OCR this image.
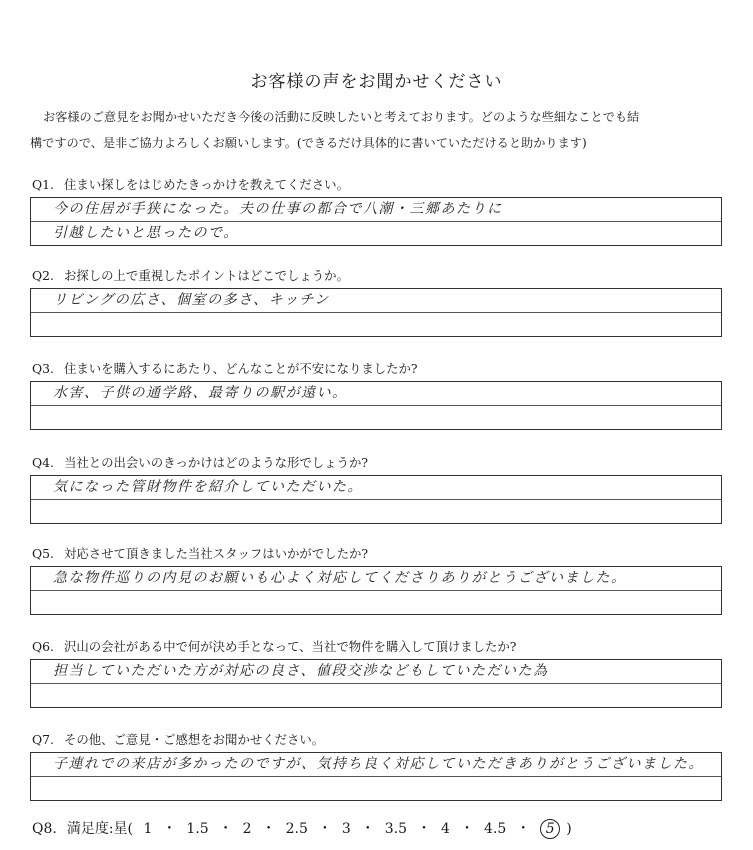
お客様の声をお聞かせください

お客様のご意見をお聞かせいただき今後の活動に反映したいと考えております。どのような些細なことでも結

構ですので、是非ご協力よろしくお願いします。(できるだけ具体的に書いていただけると助かります)

Q1. 住まい探しをはじめたきっかけを教えてください。
今の住居が手狭になった。夫の仕事の都合で八潮・三郷あたりに
引越したいと思ったので。
Q2. お探しの上で重視したポイントはどこでしょうか。
リビングの広さ、個室の多さ、キッチン
Q3. 住まいを購入するにあたり、どんなことが不安になりましたか?
水害、子供の通学路、最寄りの駅が遠い。
Q4. 当社との出会いのきっかけはどのような形でしょうか?
気になった管財物件を紹介していただいた。
Q5. 対応させて頂きました当社スタッフはいかがでしたか?
急な物件巡りの内見のお願いも心よく対応してくださりありがとうございました。
Q6. 沢山の会社がある中で何が決め手となって、当社で物件を購入して頂けましたか?
担当していただいた方が対応の良さ、値段交渉などもしていただいた為
Q7. その他、ご意見・ご感想をお聞かせください。
子連れでの来店が多かったのですが、気持ち良く対応していただきありがとうございました。
Q8. 満足度:星( 1 ・ 1.5 ・ 2 ・ 2.5 ・ 3 ・ 3.5 ・ 4 ・ 4.5 ・ 5 )
